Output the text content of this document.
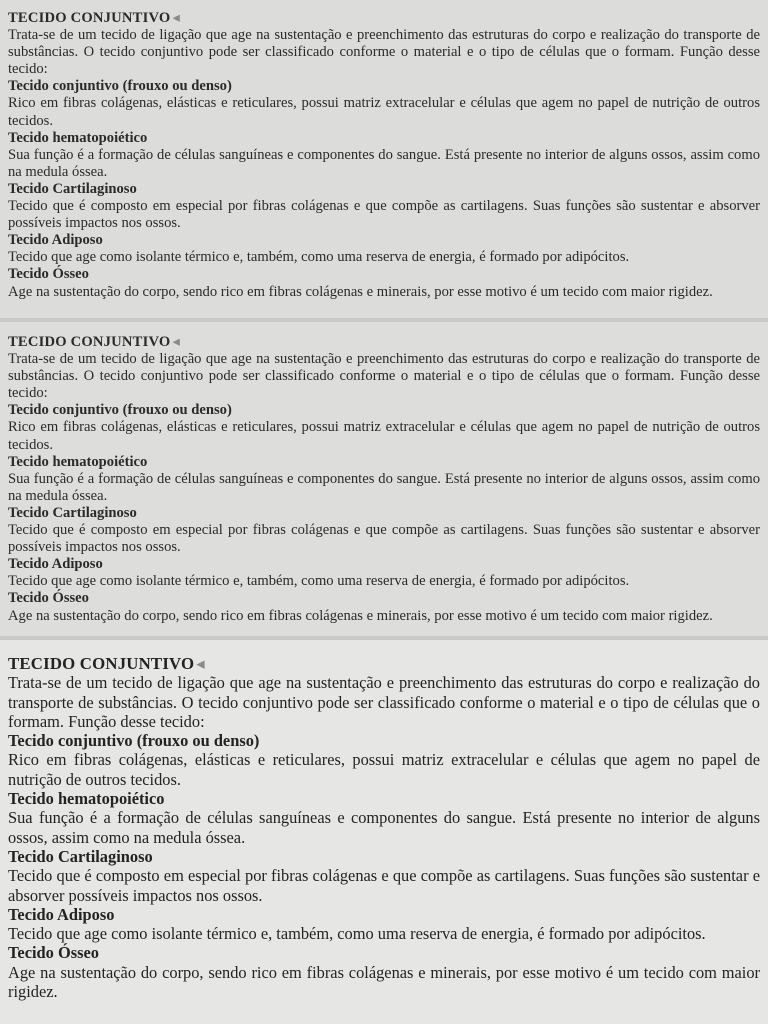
TECIDO CONJUNTIVO ◂

Trata-se de um tecido de ligação que age na sustentação e preenchimento das estruturas do corpo e realização do transporte de substâncias. O tecido conjuntivo pode ser classificado conforme o material e o tipo de células que o formam. Função desse tecido:

Tecido conjuntivo (frouxo ou denso)

Rico em fibras colágenas, elásticas e reticulares, possui matriz extracelular e células que agem no papel de nutrição de outros tecidos.

Tecido hematopoiético

Sua função é a formação de células sanguíneas e componentes do sangue. Está presente no interior de alguns ossos, assim como na medula óssea.

Tecido Cartilaginoso

Tecido que é composto em especial por fibras colágenas e que compõe as cartilagens. Suas funções são sustentar e absorver possíveis impactos nos ossos.

Tecido Adiposo

Tecido que age como isolante térmico e, também, como uma reserva de energia, é formado por adipócitos.

Tecido Ósseo

Age na sustentação do corpo, sendo rico em fibras colágenas e minerais, por esse motivo é um tecido com maior rigidez.

TECIDO CONJUNTIVO ◂

Trata-se de um tecido de ligação que age na sustentação e preenchimento das estruturas do corpo e realização do transporte de substâncias. O tecido conjuntivo pode ser classificado conforme o material e o tipo de células que o formam. Função desse tecido:

Tecido conjuntivo (frouxo ou denso)

Rico em fibras colágenas, elásticas e reticulares, possui matriz extracelular e células que agem no papel de nutrição de outros tecidos.

Tecido hematopoiético

Sua função é a formação de células sanguíneas e componentes do sangue. Está presente no interior de alguns ossos, assim como na medula óssea.

Tecido Cartilaginoso

Tecido que é composto em especial por fibras colágenas e que compõe as cartilagens. Suas funções são sustentar e absorver possíveis impactos nos ossos.

Tecido Adiposo

Tecido que age como isolante térmico e, também, como uma reserva de energia, é formado por adipócitos.

Tecido Ósseo

Age na sustentação do corpo, sendo rico em fibras colágenas e minerais, por esse motivo é um tecido com maior rigidez.

TECIDO CONJUNTIVO ◂

Trata-se de um tecido de ligação que age na sustentação e preenchimento das estruturas do corpo e realização do transporte de substâncias. O tecido conjuntivo pode ser classificado conforme o material e o tipo de células que o formam. Função desse tecido:

Tecido conjuntivo (frouxo ou denso)

Rico em fibras colágenas, elásticas e reticulares, possui matriz extracelular e células que agem no papel de nutrição de outros tecidos.

Tecido hematopoiético

Sua função é a formação de células sanguíneas e componentes do sangue. Está presente no interior de alguns ossos, assim como na medula óssea.

Tecido Cartilaginoso

Tecido que é composto em especial por fibras colágenas e que compõe as cartilagens. Suas funções são sustentar e absorver possíveis impactos nos ossos.

Tecido Adiposo

Tecido que age como isolante térmico e, também, como uma reserva de energia, é formado por adipócitos.

Tecido Ósseo

Age na sustentação do corpo, sendo rico em fibras colágenas e minerais, por esse motivo é um tecido com maior rigidez.
